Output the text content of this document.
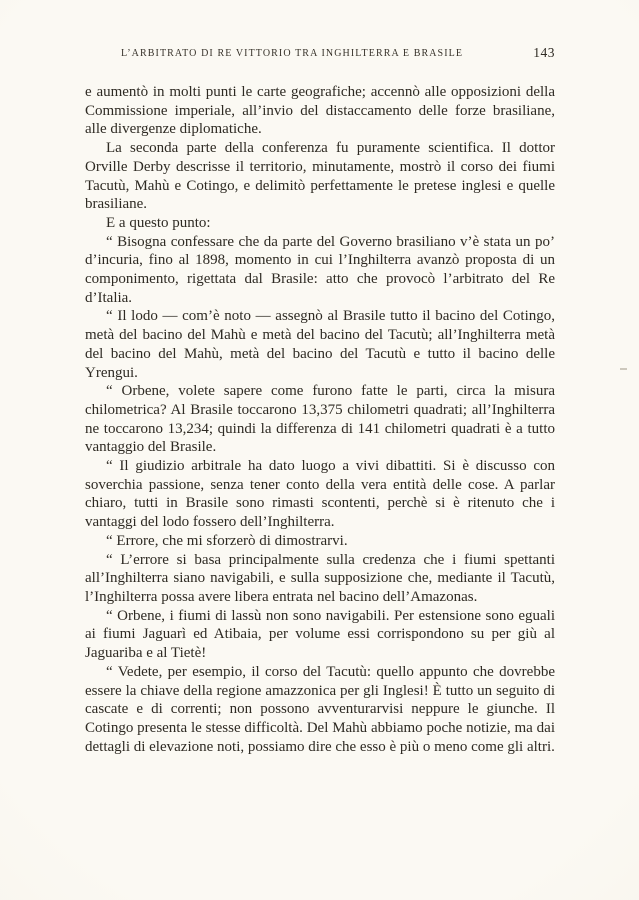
L’ARBITRATO DI RE VITTORIO TRA INGHILTERRA E BRASILE	143

e aumentò in molti punti le carte geografiche; accennò alle opposizioni della Commissione imperiale, all’invio del distaccamento delle forze brasiliane, alle divergenze diplomatiche.

La seconda parte della conferenza fu puramente scientifica. Il dottor Orville Derby descrisse il territorio, minutamente, mostrò il corso dei fiumi Tacutù, Mahù e Cotingo, e delimitò perfettamente le pretese inglesi e quelle brasiliane.

E a questo punto:

“ Bisogna confessare che da parte del Governo brasiliano v’è stata un po’ d’incuria, fino al 1898, momento in cui l’Inghilterra avanzò proposta di un componimento, rigettata dal Brasile: atto che provocò l’arbitrato del Re d’Italia.

“ Il lodo — com’è noto — assegnò al Brasile tutto il bacino del Cotingo, metà del bacino del Mahù e metà del bacino del Tacutù; all’Inghilterra metà del bacino del Mahù, metà del bacino del Tacutù e tutto il bacino delle Yrengui.

“ Orbene, volete sapere come furono fatte le parti, circa la misura chilometrica? Al Brasile toccarono 13,375 chilometri quadrati; all’Inghilterra ne toccarono 13,234; quindi la differenza di 141 chilometri quadrati è a tutto vantaggio del Brasile.

“ Il giudizio arbitrale ha dato luogo a vivi dibattiti. Si è discusso con soverchia passione, senza tener conto della vera entità delle cose. A parlar chiaro, tutti in Brasile sono rimasti scontenti, perchè si è ritenuto che i vantaggi del lodo fossero dell’Inghilterra.

“ Errore, che mi sforzerò di dimostrarvi.

“ L’errore si basa principalmente sulla credenza che i fiumi spettanti all’Inghilterra siano navigabili, e sulla supposizione che, mediante il Tacutù, l’Inghilterra possa avere libera entrata nel bacino dell’Amazonas.

“ Orbene, i fiumi di lassù non sono navigabili. Per estensione sono eguali ai fiumi Jaguarì ed Atibaia, per volume essi corrispondono su per giù al Jaguariba e al Tietè!

“ Vedete, per esempio, il corso del Tacutù: quello appunto che dovrebbe essere la chiave della regione amazzonica per gli Inglesi! È tutto un seguito di cascate e di correnti; non possono avventurarvisi neppure le giunche. Il Cotingo presenta le stesse difficoltà. Del Mahù abbiamo poche notizie, ma dai dettagli di elevazione noti, possiamo dire che esso è più o meno come gli altri.
